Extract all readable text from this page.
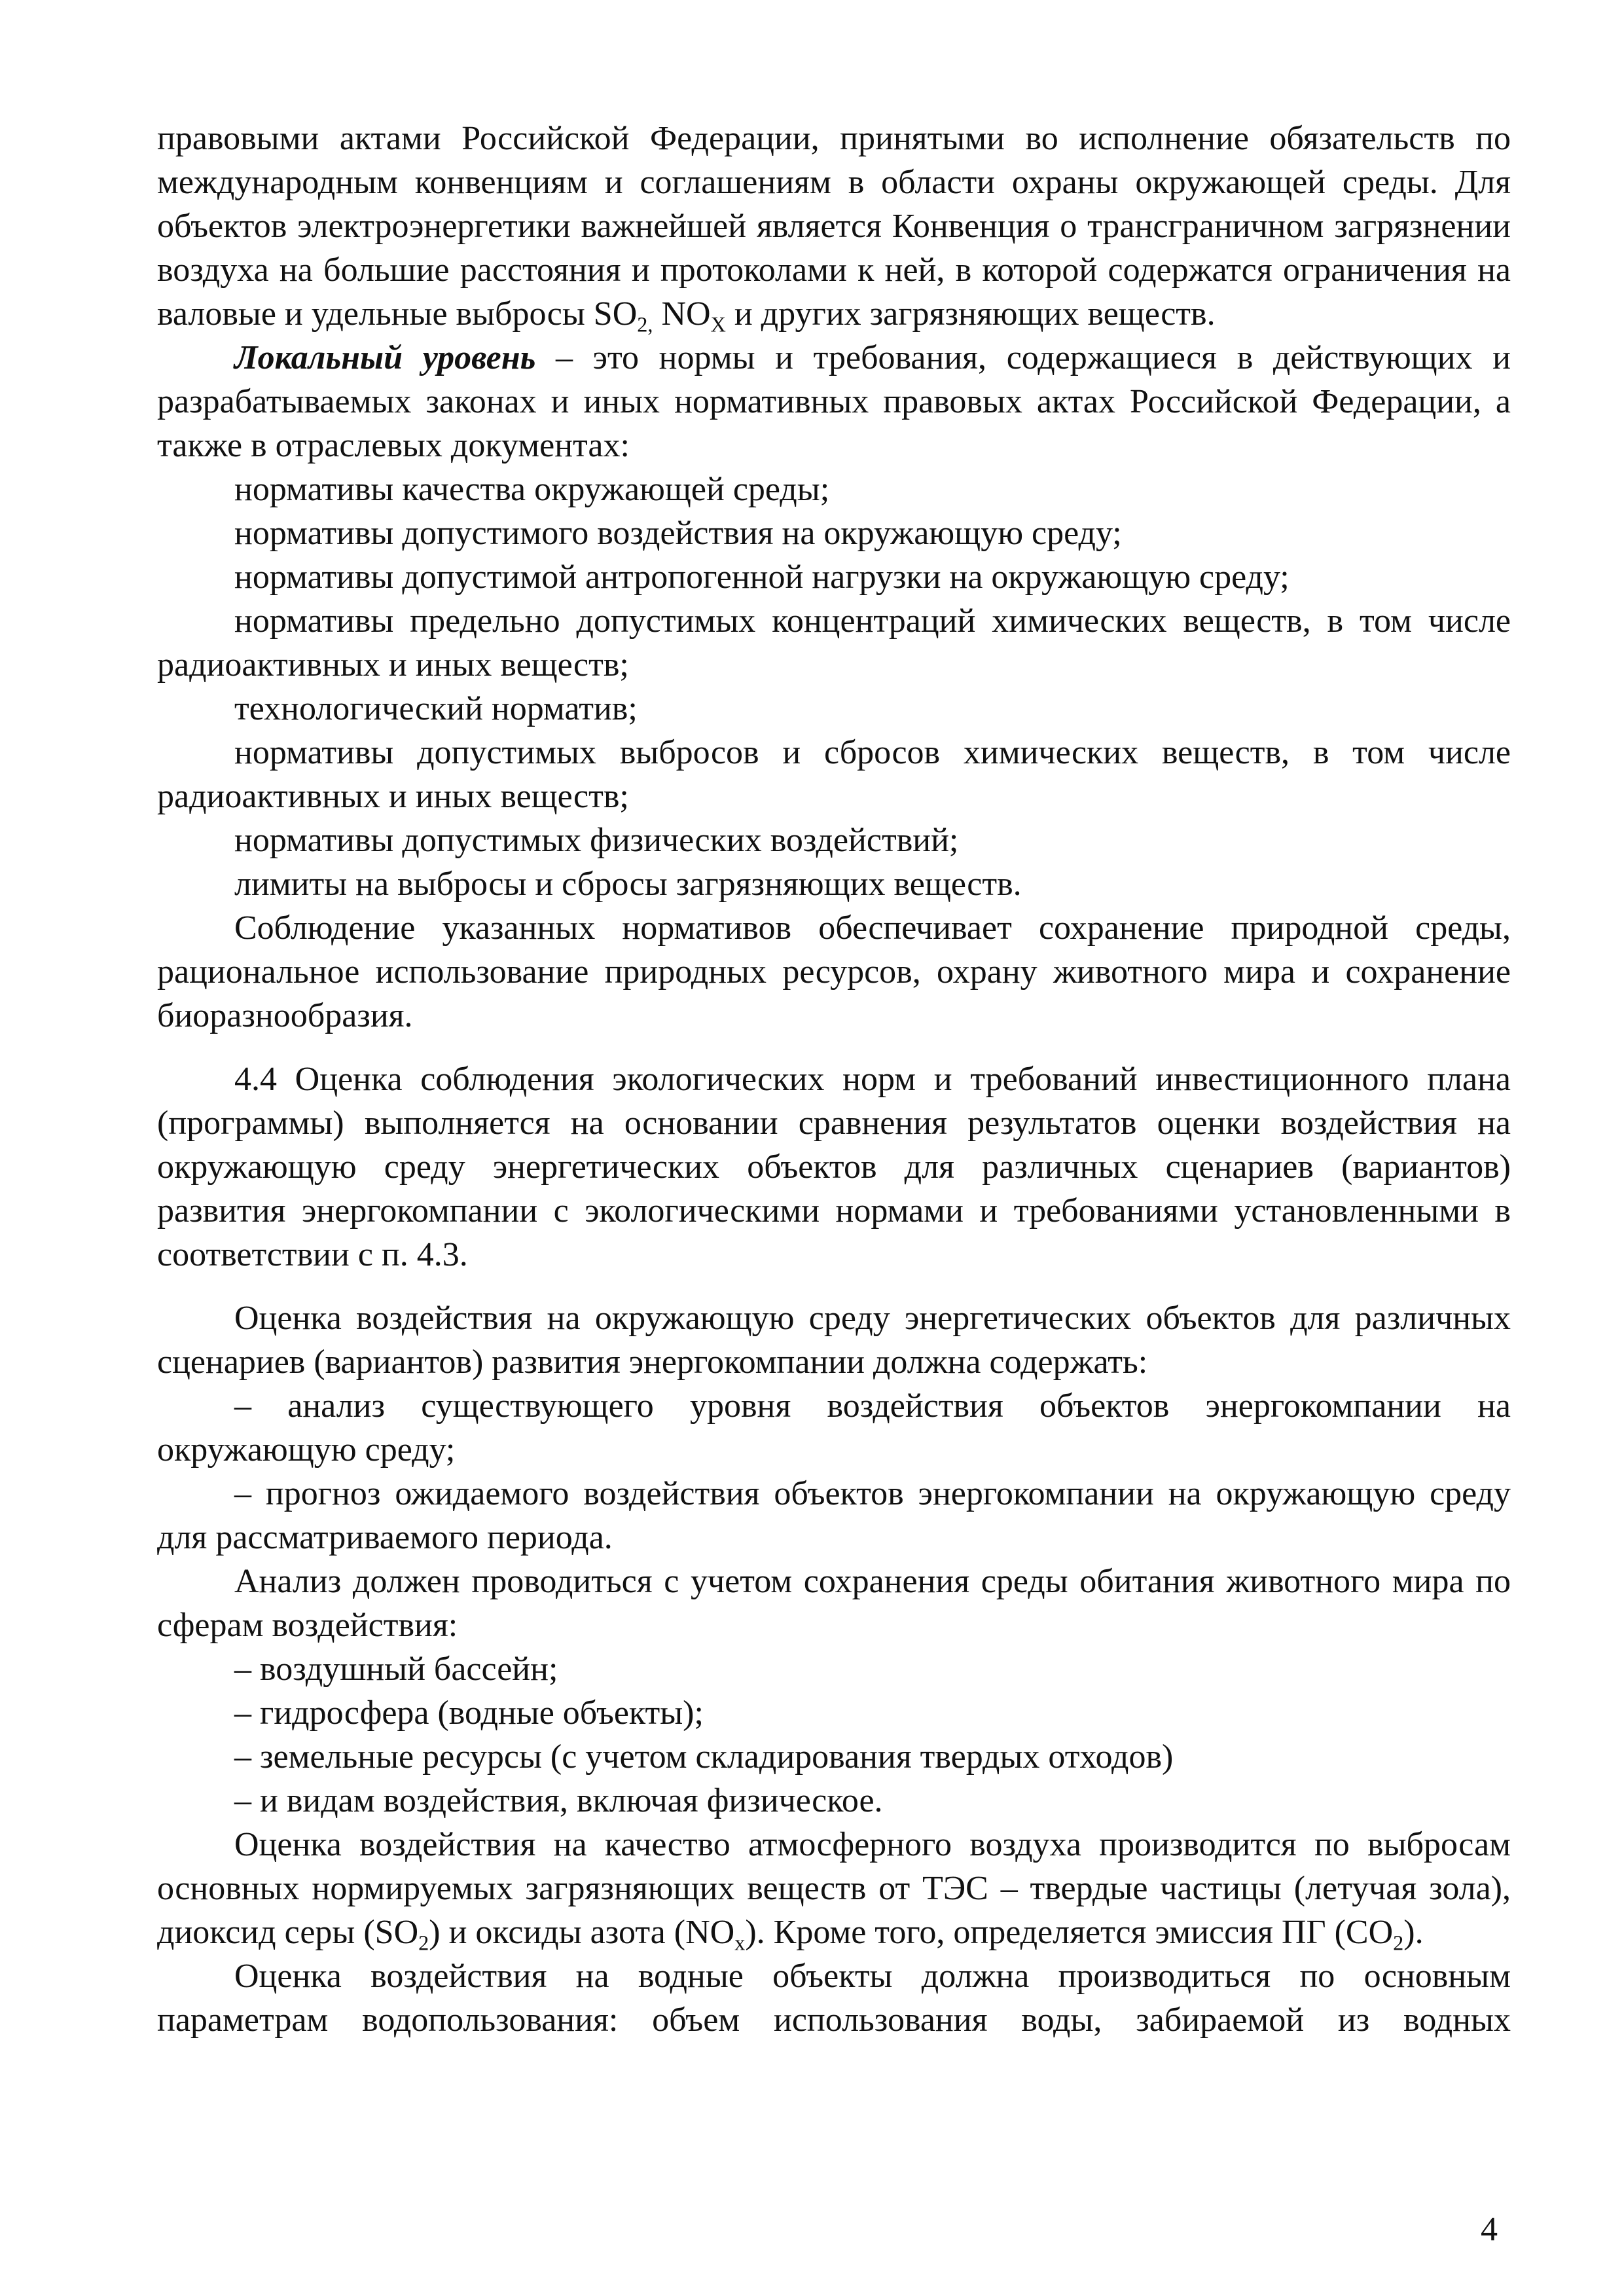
правовыми актами Российской Федерации, принятыми во исполнение обязательств по международным конвенциям и соглашениям в области охраны окружающей среды. Для объектов электроэнергетики важнейшей является Конвенция о трансграничном загрязнении воздуха на большие расстояния и протоколами к ней, в которой содержатся ограничения на валовые и удельные выбросы $SO_{2,}$ $NO_X$ и других загрязняющих веществ.

Локальный уровень – это нормы и требования, содержащиеся в действующих и разрабатываемых законах и иных нормативных правовых актах Российской Федерации, а также в отраслевых документах:

нормативы качества окружающей среды;

нормативы допустимого воздействия на окружающую среду;

нормативы допустимой антропогенной нагрузки на окружающую среду;

нормативы предельно допустимых концентраций химических веществ, в том числе радиоактивных и иных веществ;

технологический норматив;

нормативы допустимых выбросов и сбросов химических веществ, в том числе радиоактивных и иных веществ;

нормативы допустимых физических воздействий;

лимиты на выбросы и сбросы загрязняющих веществ.

Соблюдение указанных нормативов обеспечивает сохранение природной среды, рациональное использование природных ресурсов, охрану животного мира и сохранение биоразнообразия.

4.4 Оценка соблюдения экологических норм и требований инвестиционного плана (программы) выполняется на основании сравнения результатов оценки воздействия на окружающую среду энергетических объектов для различных сценариев (вариантов) развития энергокомпании с экологическими нормами и требованиями установленными в соответствии с п. 4.3.

Оценка воздействия на окружающую среду энергетических объектов для различных сценариев (вариантов) развития энергокомпании должна содержать:

– анализ существующего уровня воздействия объектов энергокомпании на окружающую среду;

– прогноз ожидаемого воздействия объектов энергокомпании на окружающую среду для рассматриваемого периода.

Анализ должен проводиться с учетом сохранения среды обитания животного мира по сферам воздействия:

– воздушный бассейн;

– гидросфера (водные объекты);

– земельные ресурсы (с учетом складирования твердых отходов)

– и видам воздействия, включая физическое.

Оценка воздействия на качество атмосферного воздуха производится по выбросам основных нормируемых загрязняющих веществ от ТЭС – твердые частицы (летучая зола), диоксид серы $(SO_2)$ и оксиды азота $(NO_x)$. Кроме того, определяется эмиссия ПГ $(CO_2)$.

Оценка воздействия на водные объекты должна производиться по основным параметрам водопользования: объем использования воды, забираемой из водных

4
